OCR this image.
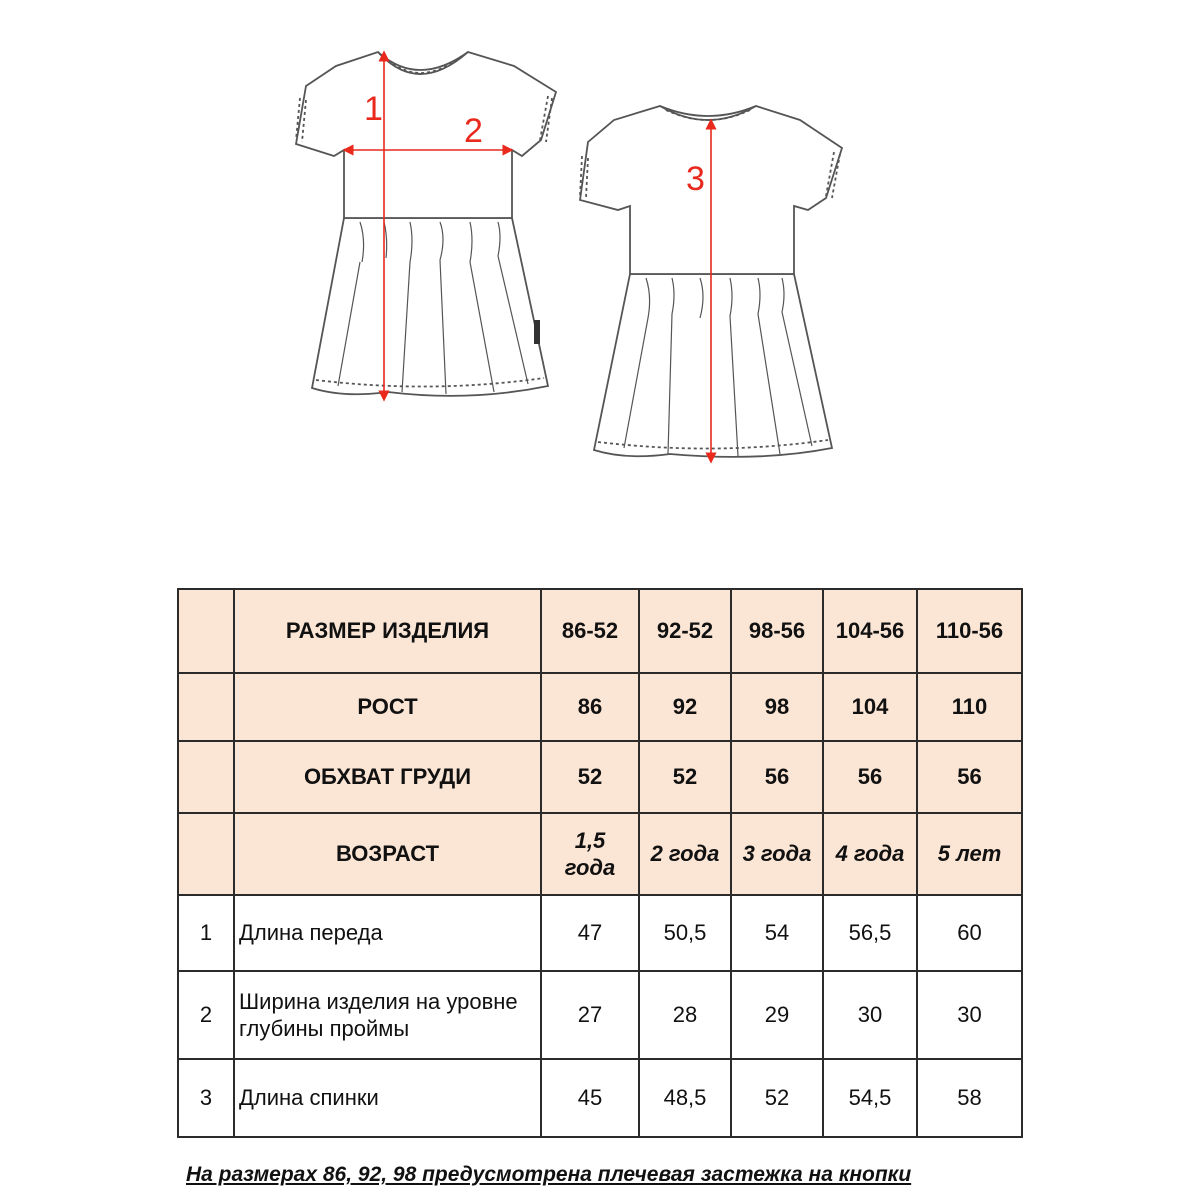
1
2
3
	РАЗМЕР ИЗДЕЛИЯ	86-52	92-52	98-56	104-56	110-56
	РОСТ	86	92	98	104	110
	ОБХВАТ ГРУДИ	52	52	56	56	56
	ВОЗРАСТ	1,5 года	2 года	3 года	4 года	5 лет
1	Длина переда	47	50,5	54	56,5	60
2	Ширина изделия на уровне глубины проймы	27	28	29	30	30
3	Длина спинки	45	48,5	52	54,5	58
На размерах 86, 92, 98 предусмотрена плечевая застежка на кнопки
